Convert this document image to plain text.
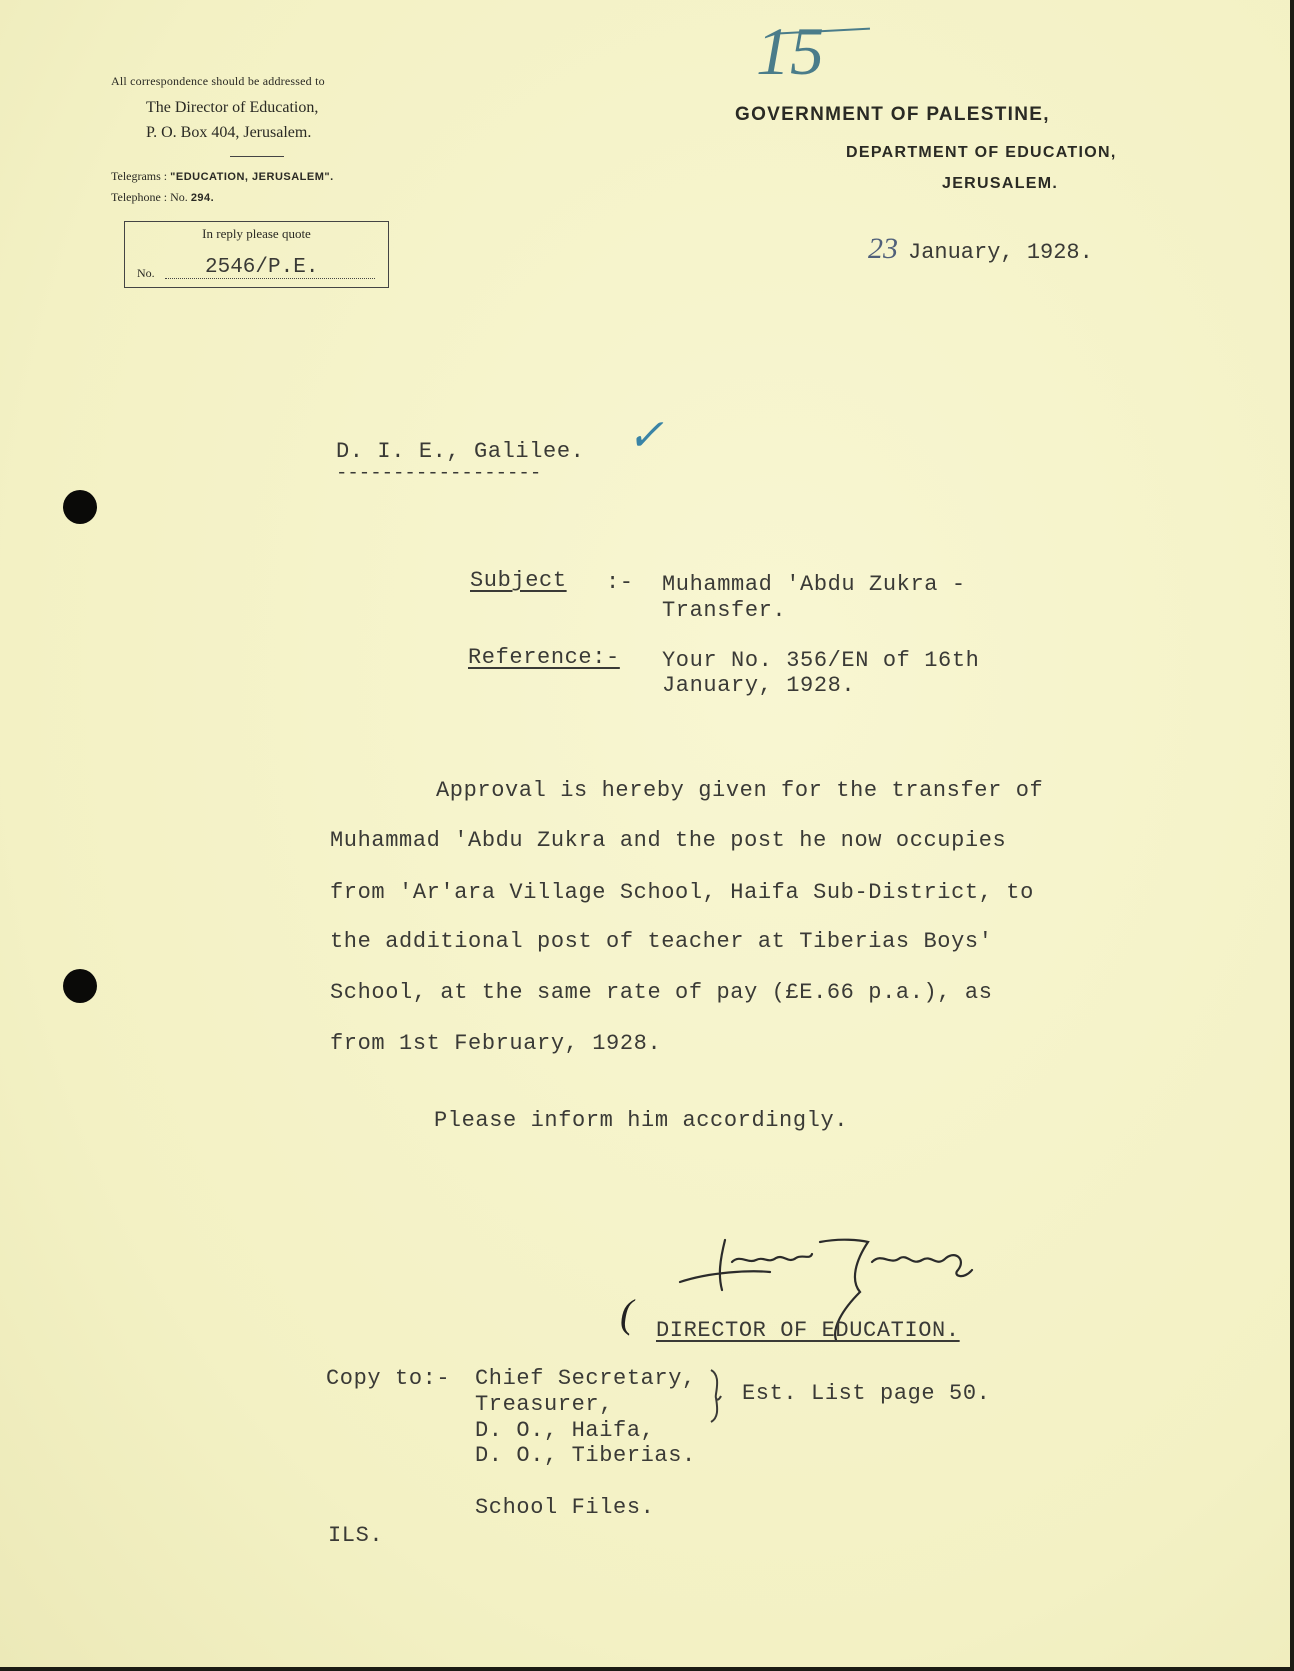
All correspondence should be addressed to
The Director of Education,
P. O. Box 404, Jerusalem.
Telegrams : "EDUCATION, JERUSALEM".
Telephone : No. 294.
In reply please quote
No. 2546/P.E.
15
GOVERNMENT OF PALESTINE,
DEPARTMENT OF EDUCATION,
JERUSALEM.
23 January, 1928.
D. I. E., Galilee.
------------------
✓
Subject :- Muhammad 'Abdu Zukra -
Transfer.
Reference:- Your No. 356/EN of 16th
January, 1928.
Approval is hereby given for the transfer of
Muhammad 'Abdu Zukra and the post he now occupies
from 'Ar'ara Village School, Haifa Sub-District, to
the additional post of teacher at Tiberias Boys'
School, at the same rate of pay (£E.66 p.a.), as
from 1st February, 1928.
Please inform him accordingly.
( DIRECTOR OF EDUCATION.
Copy to:- Chief Secretary,
Treasurer,
D. O., Haifa,
D. O., Tiberias.
Est. List page 50.
School Files.
ILS.
